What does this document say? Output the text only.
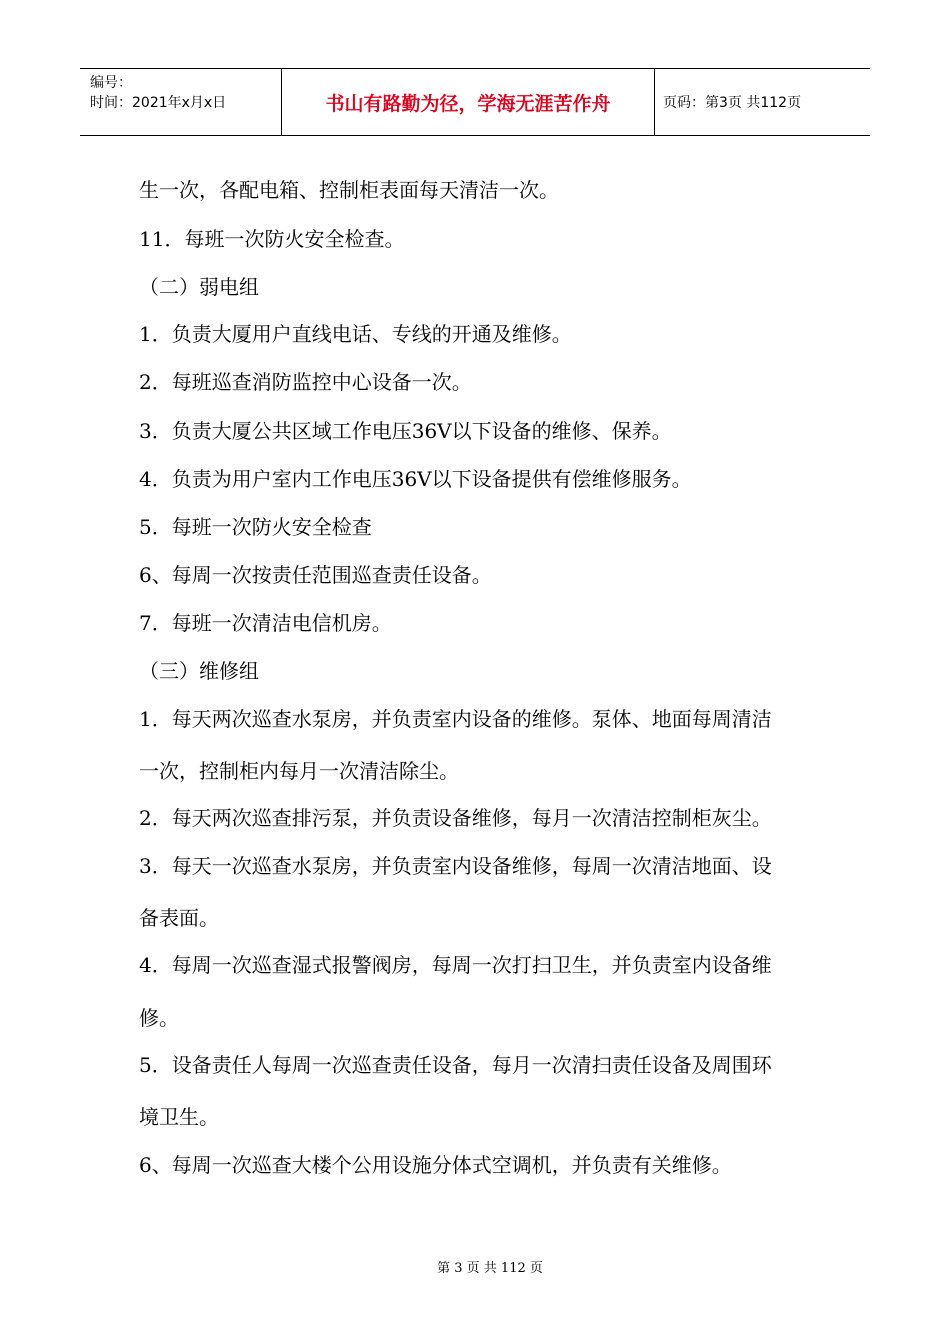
编号：
时间：2021年x月x日	书山有路勤为径，学海无涯苦作舟	页码：第3页 共112页
生一次，各配电箱、控制柜表面每天清洁一次。
11．每班一次防火安全检查。
（二）弱电组
1．负责大厦用户直线电话、专线的开通及维修。
2．每班巡查消防监控中心设备一次。
3．负责大厦公共区域工作电压36V以下设备的维修、保养。
4．负责为用户室内工作电压36V以下设备提供有偿维修服务。
5．每班一次防火安全检查
6、每周一次按责任范围巡查责任设备。
7．每班一次清洁电信机房。
（三）维修组
1．每天两次巡查水泵房，并负责室内设备的维修。泵体、地面每周清洁
一次，控制柜内每月一次清洁除尘。
2．每天两次巡查排污泵，并负责设备维修，每月一次清洁控制柜灰尘。
3．每天一次巡查水泵房，并负责室内设备维修，每周一次清洁地面、设
备表面。
4．每周一次巡查湿式报警阀房，每周一次打扫卫生，并负责室内设备维
修。
5．设备责任人每周一次巡查责任设备，每月一次清扫责任设备及周围环
境卫生。
6、每周一次巡查大楼个公用设施分体式空调机，并负责有关维修。
第 3 页 共 112 页
